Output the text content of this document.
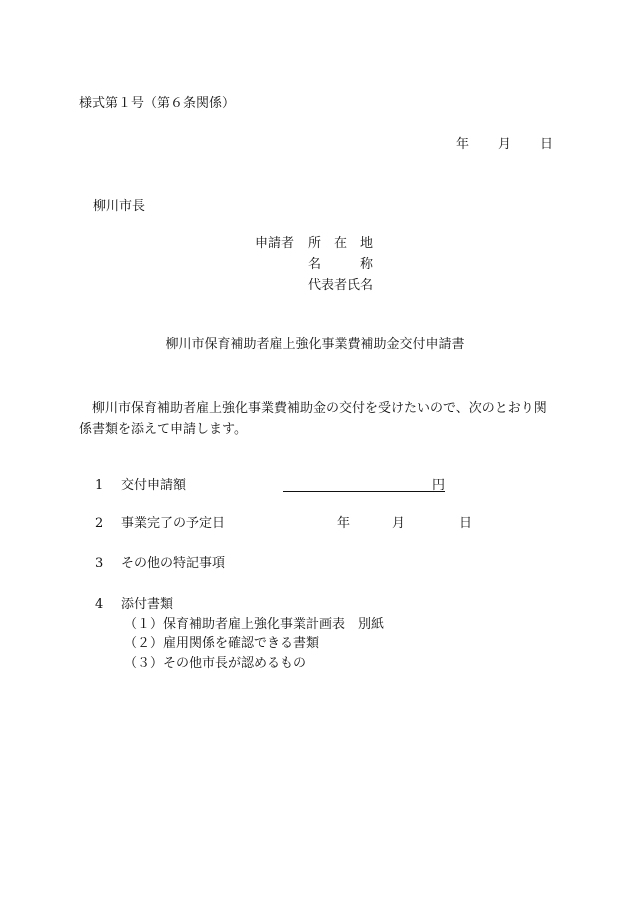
様式第１号（第６条関係）
年 月 日
柳川市長
申請者 所　在　地
名　　　称
代表者氏名
柳川市保育補助者雇上強化事業費補助金交付申請書
柳川市保育補助者雇上強化事業費補助金の交付を受けたいので、次のとおり関係書類を添えて申請します。
1 交付申請額	円
2 事業完了の予定日	年	月	日
3 その他の特記事項
4 添付書類
（１）保育補助者雇上強化事業計画表　別紙
（２）雇用関係を確認できる書類
（３）その他市長が認めるもの
